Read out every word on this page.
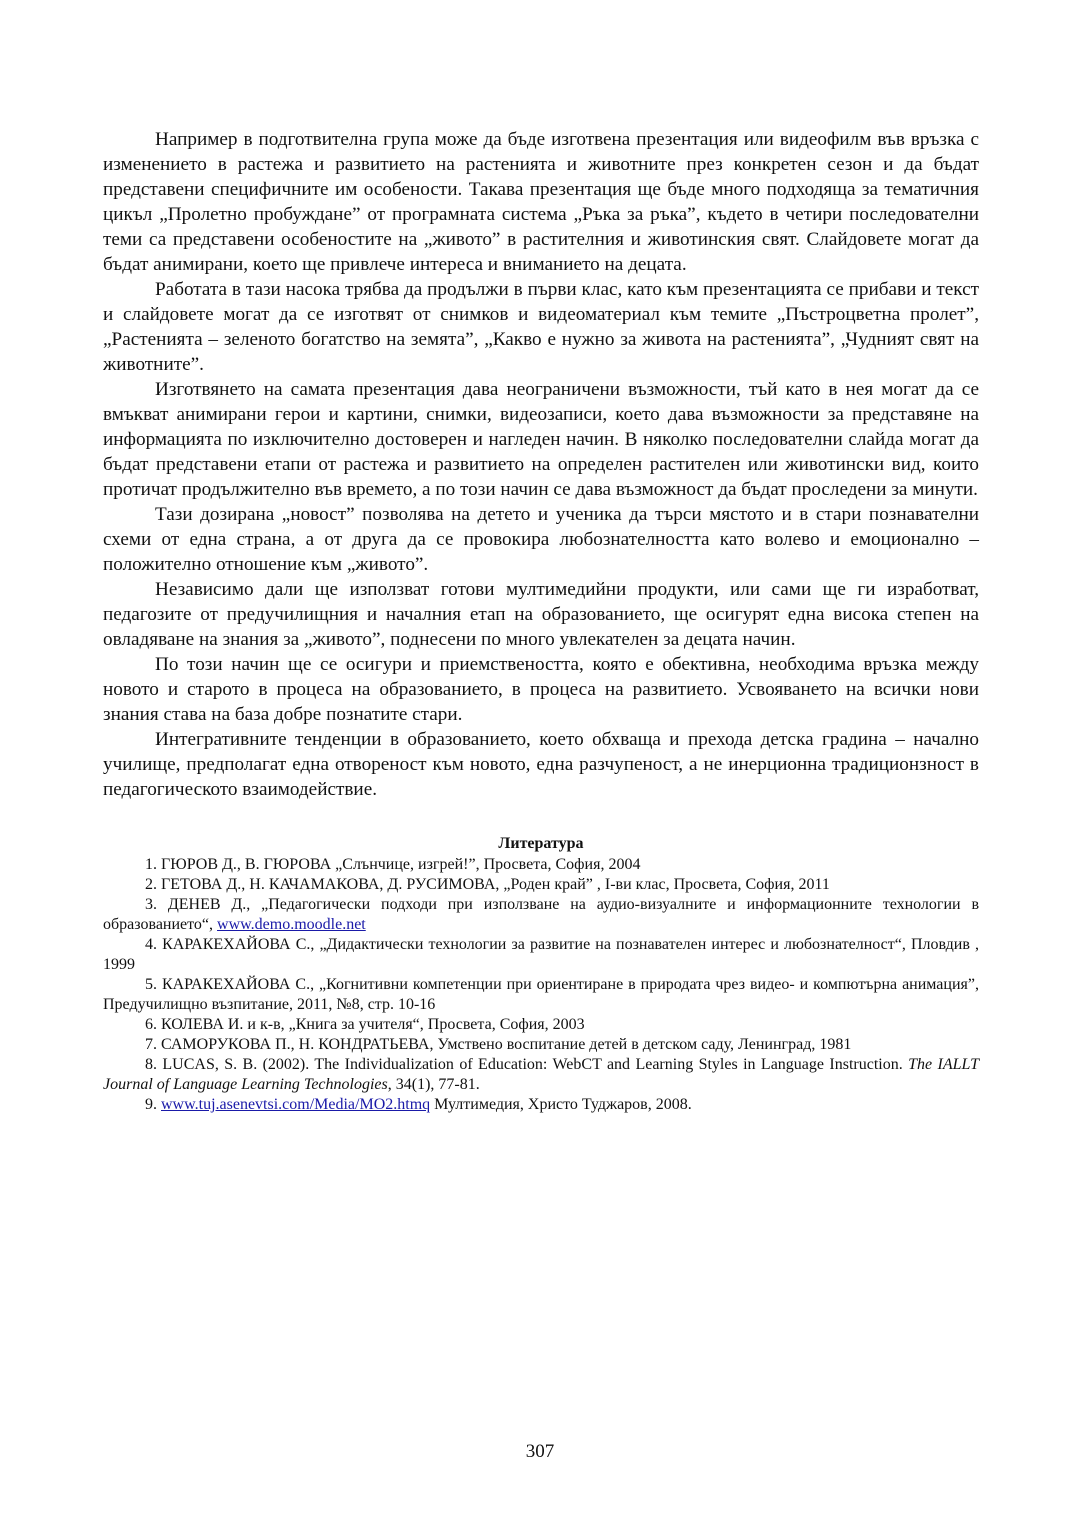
Например в подготвителна група може да бъде изготвена презентация или видеофилм във връзка с изменението в растежа и развитието на растенията и животните през конкретен сезон и да бъдат представени специфичните им особености. Такава презентация ще бъде много подходяща за тематичния цикъл „Пролетно пробуждане” от програмната система „Ръка за ръка”, където в четири последователни теми са представени особеностите на „живото” в растителния и животинския свят. Слайдовете могат да бъдат анимирани, което ще привлече интереса и вниманието на децата.

Работата в тази насока трябва да продължи в първи клас, като към презентацията се прибави и текст и слайдовете могат да се изготвят от снимков и видеоматериал към темите „Пъстроцветна пролет”, „Растенията – зеленото богатство на земята”, „Какво е нужно за живота на растенията”, „Чудният свят на животните”.

Изготвянето на самата презентация дава неограничени възможности, тъй като в нея могат да се вмъкват анимирани герои и картини, снимки, видеозаписи, което дава възможности за представяне на информацията по изключително достоверен и нагледен начин. В няколко последователни слайда могат да бъдат представени етапи от растежа и развитието на определен растителен или животински вид, които протичат продължително във времето, а по този начин се дава възможност да бъдат проследени за минути.

Тази дозирана „новост” позволява на детето и ученика да търси мястото и в стари познавателни схеми от една страна, а от друга да се провокира любознателността като волево и емоционално – положително отношение към „живото”.

Независимо дали ще използват готови мултимедийни продукти, или сами ще ги изработват, педагозите от предучилищния и началния етап на образованието, ще осигурят една висока степен на овладяване на знания за „живото”, поднесени по много увлекателен за децата начин.

По този начин ще се осигури и приемствеността, която е обективна, необходима връзка между новото и старото в процеса на образованието, в процеса на развитието. Усвояването на всички нови знания става на база добре познатите стари.

Интегративните тенденции в образованието, което обхваща и прехода детска градина – начално училище, предполагат една отвореност към новото, една разчупеност, а не инерционна традиционзност в педагогическото взаимодействие.

Литература

1. ГЮРОВ Д., В. ГЮРОВА „Слънчице, изгрей!”, Просвета, София, 2004

2. ГЕТОВА Д., Н. КАЧАМАКОВА, Д. РУСИМОВА, „Роден край” , I-ви клас, Просвета, София, 2011

3. ДЕНЕВ Д., „Педагогически подходи при използване на аудио-визуалните и информационните технологии в образованието“, www.demo.moodle.net

4. КАРАКЕХАЙОВА С., „Дидактически технологии за развитие на познавателен интерес и любознателност“, Пловдив , 1999

5. КАРАКЕХАЙОВА С., „Когнитивни компетенции при ориентиране в природата чрез видео- и компютърна анимация”, Предучилищно възпитание, 2011, №8, стр. 10-16

6. КОЛЕВА И. и к-в, „Книга за учителя“, Просвета, София, 2003

7. САМОРУКОВА П., Н. КОНДРАТЬЕВА, Умствено воспитание детей в детском саду, Ленинград, 1981

8. LUCAS, S. B. (2002). The Individualization of Education: WebCT and Learning Styles in Language Instruction. The IALLT Journal of Language Learning Technologies, 34(1), 77-81.

9. www.tuj.asenevtsi.com/Media/MO2.htmq Мултимедия, Христо Туджаров, 2008.

307
